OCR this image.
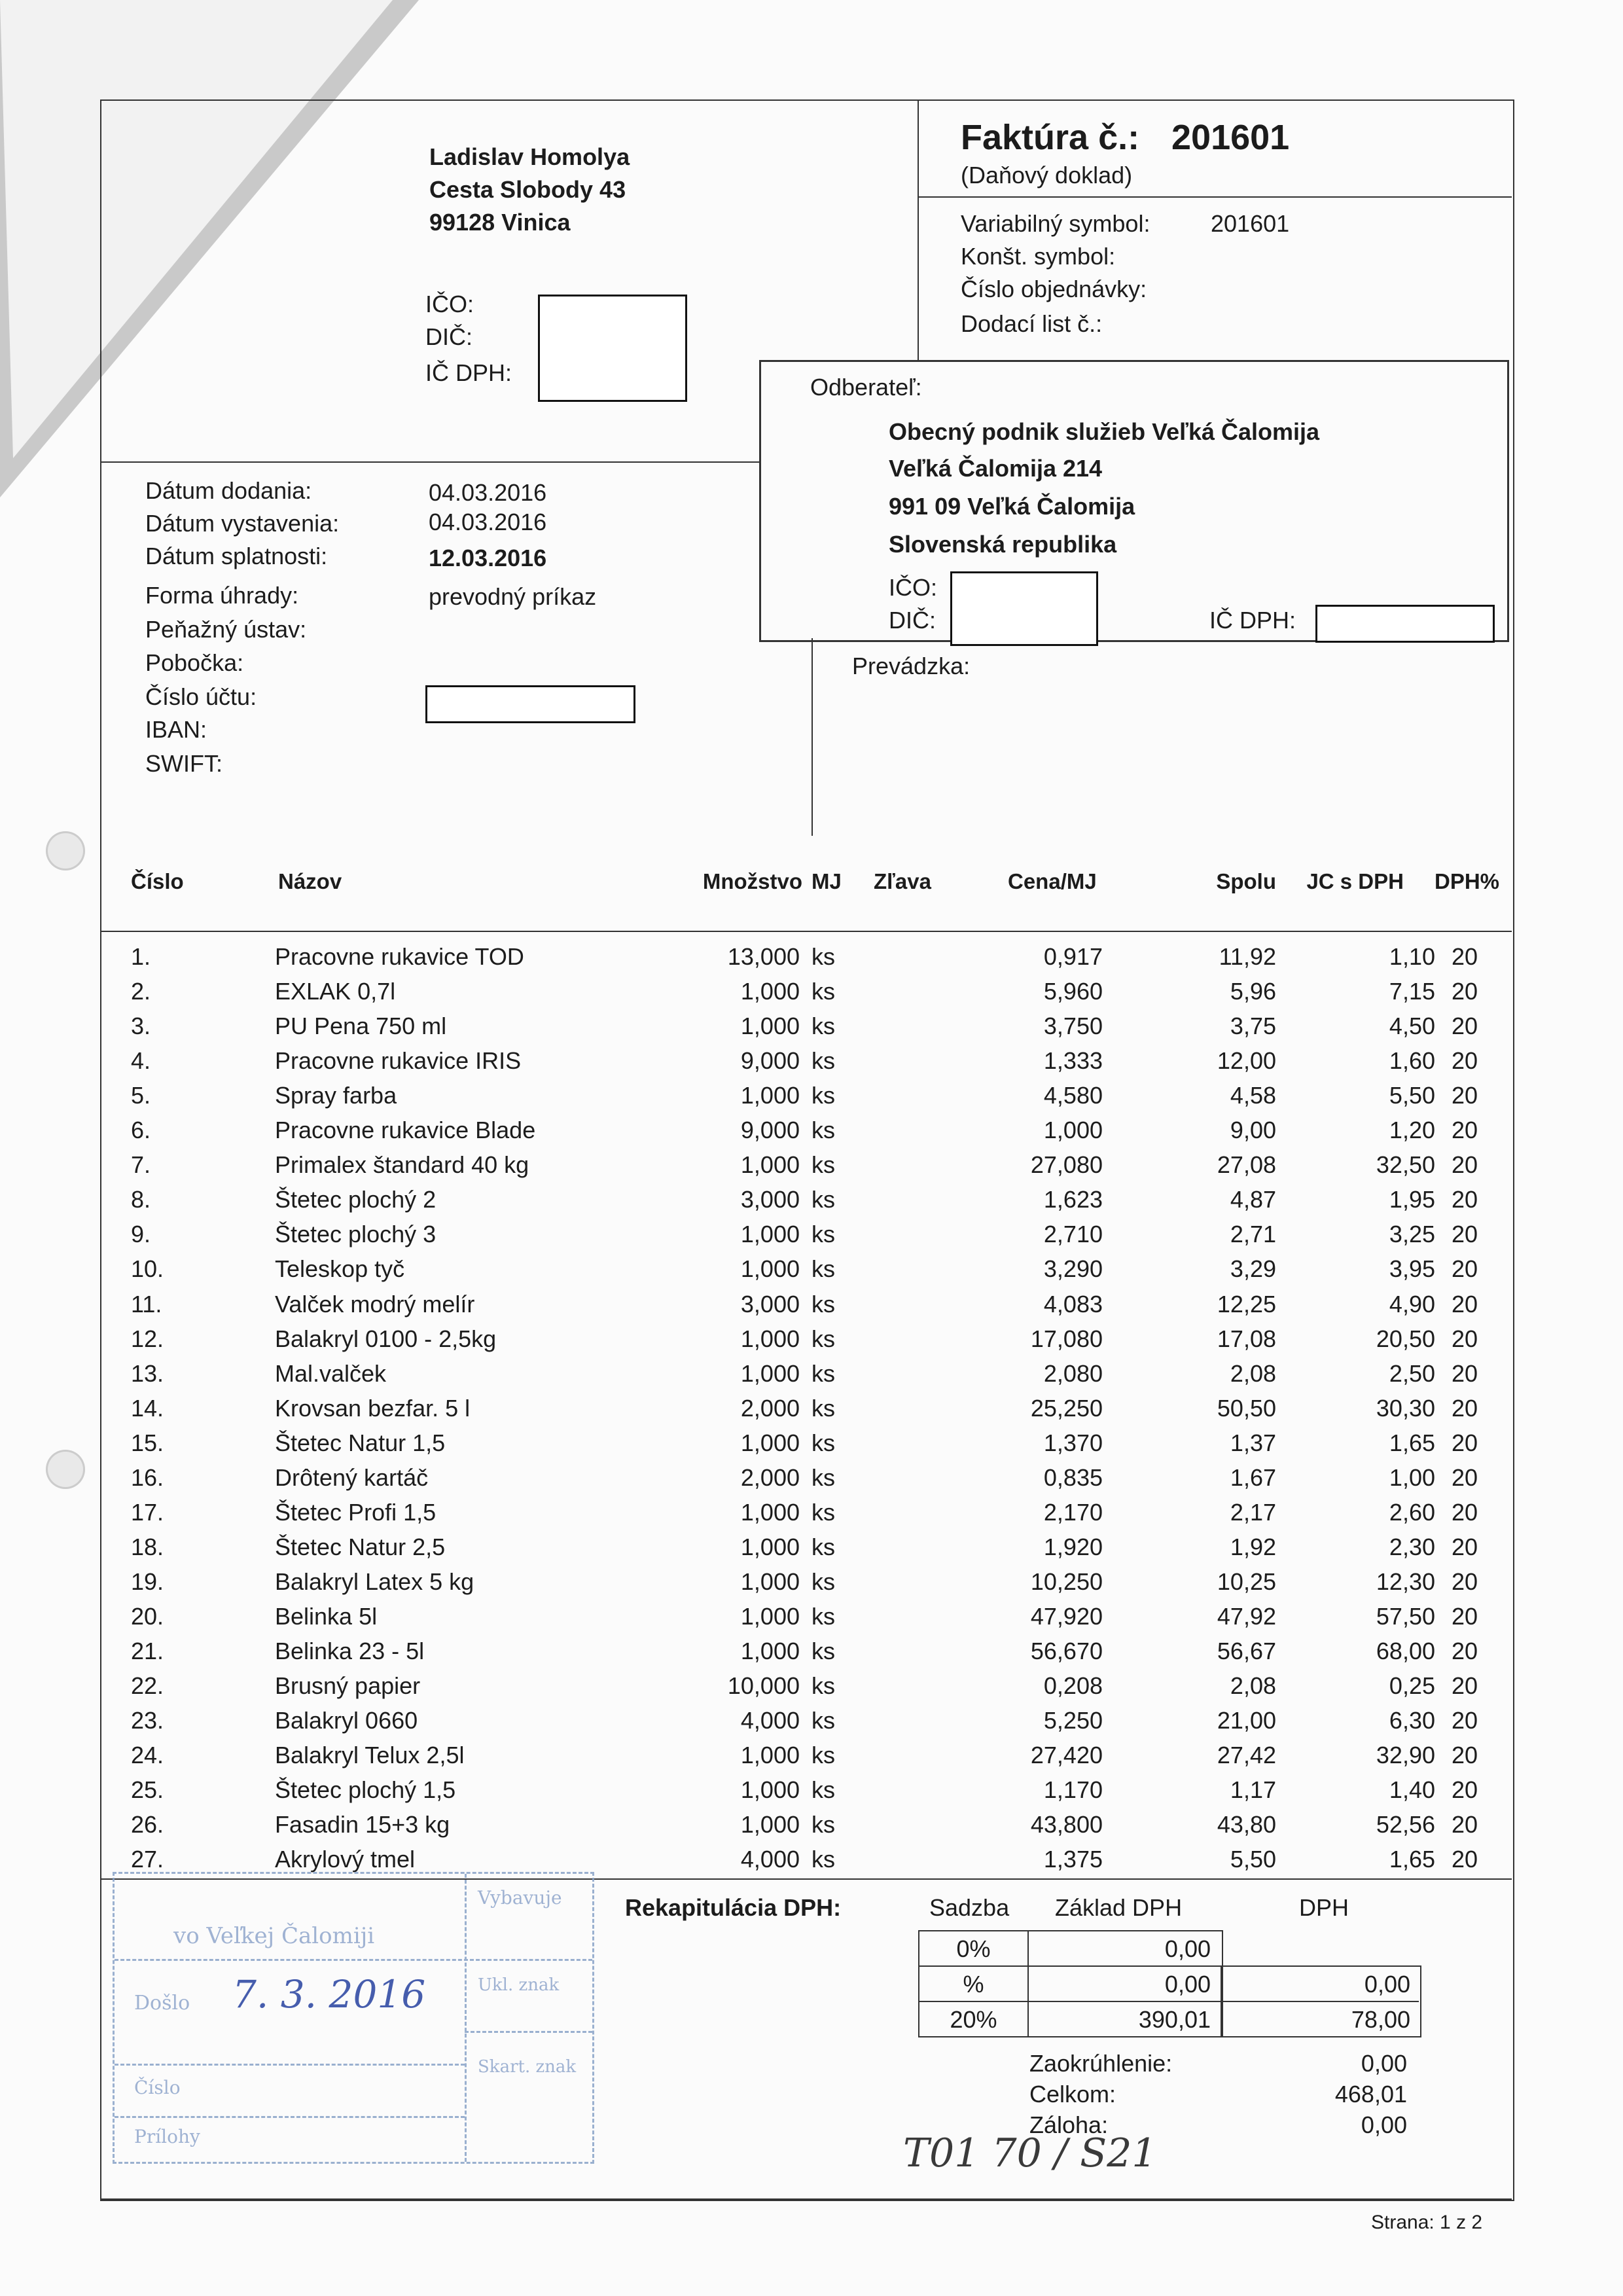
Ladislav Homolya
Cesta Slobody 43
99128 Vinica
IČO:
DIČ:
IČ DPH:
Faktúra č.: 201601
(Daňový doklad)
Variabilný symbol:	201601
Konšt. symbol:
Číslo objednávky:
Dodací list č.:
Odberateľ:
Obecný podnik služieb Veľká Čalomija
Veľká Čalomija 214
991 09 Veľká Čalomija
Slovenská republika
IČO:
DIČ:	IČ DPH:
Prevádzka:
Dátum dodania:	04.03.2016
Dátum vystavenia:	04.03.2016
Dátum splatnosti:	12.03.2016
Forma úhrady:	prevodný príkaz
Peňažný ústav:
Pobočka:
Číslo účtu:
IBAN:
SWIFT:
Číslo	Názov	Množstvo MJ Zľava	Cena/MJ	Spolu	JC s DPH DPH%
1.	Pracovne rukavice TOD	13,000 ks	0,917	11,92	1,10 20
2.	EXLAK 0,7l	1,000 ks	5,960	5,96	7,15 20
3.	PU Pena 750 ml	1,000 ks	3,750	3,75	4,50 20
4.	Pracovne rukavice IRIS	9,000 ks	1,333	12,00	1,60 20
5.	Spray farba	1,000 ks	4,580	4,58	5,50 20
6.	Pracovne rukavice Blade	9,000 ks	1,000	9,00	1,20 20
7.	Primalex štandard 40 kg	1,000 ks	27,080	27,08	32,50 20
8.	Štetec plochý 2	3,000 ks	1,623	4,87	1,95 20
9.	Štetec plochý 3	1,000 ks	2,710	2,71	3,25 20
10.	Teleskop tyč	1,000 ks	3,290	3,29	3,95 20
11.	Valček modrý melír	3,000 ks	4,083	12,25	4,90 20
12.	Balakryl 0100 - 2,5kg	1,000 ks	17,080	17,08	20,50 20
13.	Mal.valček	1,000 ks	2,080	2,08	2,50 20
14.	Krovsan bezfar. 5 l	2,000 ks	25,250	50,50	30,30 20
15.	Štetec Natur 1,5	1,000 ks	1,370	1,37	1,65 20
16.	Drôtený kartáč	2,000 ks	0,835	1,67	1,00 20
17.	Štetec Profi 1,5	1,000 ks	2,170	2,17	2,60 20
18.	Štetec Natur 2,5	1,000 ks	1,920	1,92	2,30 20
19.	Balakryl Latex 5 kg	1,000 ks	10,250	10,25	12,30 20
20.	Belinka 5l	1,000 ks	47,920	47,92	57,50 20
21.	Belinka 23 - 5l	1,000 ks	56,670	56,67	68,00 20
22.	Brusný papier	10,000 ks	0,208	2,08	0,25 20
23.	Balakryl 0660	4,000 ks	5,250	21,00	6,30 20
24.	Balakryl Telux 2,5l	1,000 ks	27,420	27,42	32,90 20
25.	Štetec plochý 1,5	1,000 ks	1,170	1,17	1,40 20
26.	Fasadin 15+3 kg	1,000 ks	43,800	43,80	52,56 20
27.	Akrylový tmel	4,000 ks	1,375	5,50	1,65 20
Rekapitulácia DPH:	Sadzba Základ DPH	DPH
0%	0,00
%	0,00	0,00
20%	390,01	78,00
Zaokrúhlenie:	0,00
Celkom:	468,01
Záloha:	0,00
vo Veľkej Čalomiji
Vybavuje
Došlo 7. 3. 2016
Číslo
Prílohy
Ukl. znak
Skart. znak
T01 70 / S21
Strana: 1 z 2
